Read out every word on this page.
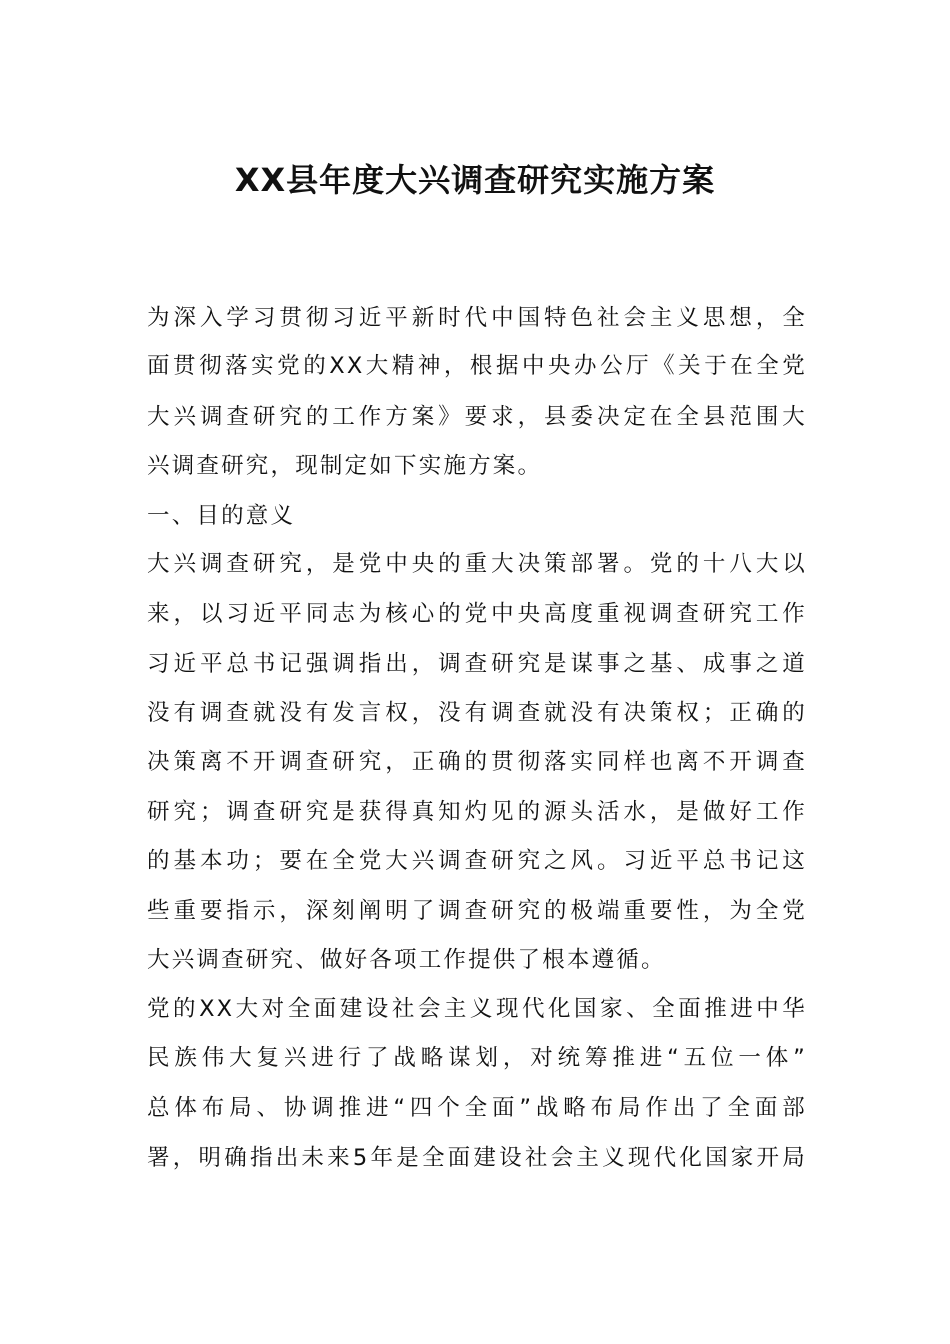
XX县年度大兴调查研究实施方案
为深入学习贯彻习近平新时代中国特色社会主义思想，全
面贯彻落实党的XX大精神，根据中央办公厅《关于在全党
大兴调查研究的工作方案》要求，县委决定在全县范围大
兴调查研究，现制定如下实施方案。
一、目的意义
大兴调查研究，是党中央的重大决策部署。党的十八大以
来，以习近平同志为核心的党中央高度重视调查研究工作
习近平总书记强调指出，调查研究是谋事之基、成事之道
没有调查就没有发言权，没有调查就没有决策权；正确的
决策离不开调查研究，正确的贯彻落实同样也离不开调查
研究；调查研究是获得真知灼见的源头活水，是做好工作
的基本功；要在全党大兴调查研究之风。习近平总书记这
些重要指示，深刻阐明了调查研究的极端重要性，为全党
大兴调查研究、做好各项工作提供了根本遵循。
党的XX大对全面建设社会主义现代化国家、全面推进中华
民族伟大复兴进行了战略谋划，对统筹推进“五位一体”
总体布局、协调推进“四个全面”战略布局作出了全面部
署，明确指出未来5年是全面建设社会主义现代化国家开局
